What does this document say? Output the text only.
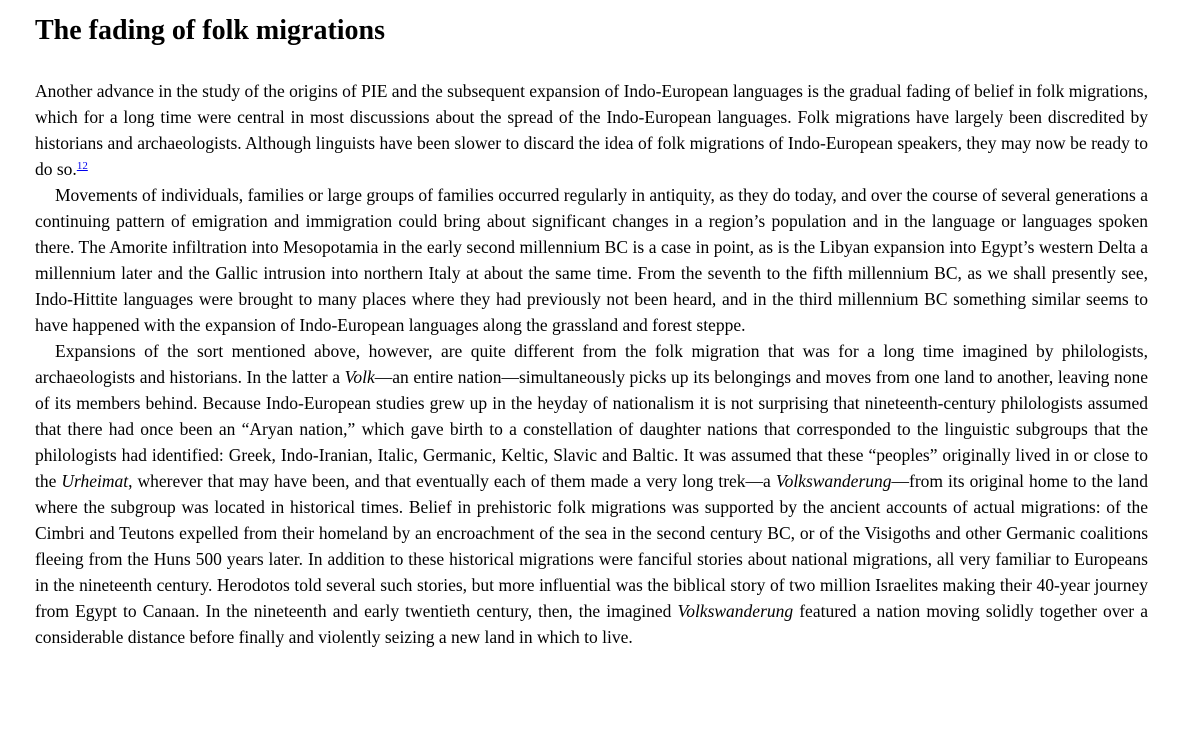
The fading of folk migrations

Another advance in the study of the origins of PIE and the subsequent expansion of Indo-European languages is the gradual fading of belief in folk migrations, which for a long time were central in most discussions about the spread of the Indo-European languages. Folk migrations have largely been discredited by historians and archaeologists. Although linguists have been slower to discard the idea of folk migrations of Indo-European speakers, they may now be ready to do so.$^{12}$

Movements of individuals, families or large groups of families occurred regularly in antiquity, as they do today, and over the course of several generations a continuing pattern of emigration and immigration could bring about significant changes in a region’s population and in the language or languages spoken there. The Amorite infiltration into Mesopotamia in the early second millennium BC is a case in point, as is the Libyan expansion into Egypt’s western Delta a millennium later and the Gallic intrusion into northern Italy at about the same time. From the seventh to the fifth millennium BC, as we shall presently see, Indo-Hittite languages were brought to many places where they had previously not been heard, and in the third millennium BC something similar seems to have happened with the expansion of Indo-European languages along the grassland and forest steppe.

Expansions of the sort mentioned above, however, are quite different from the folk migration that was for a long time imagined by philologists, archaeologists and historians. In the latter a Volk—an entire nation—simultaneously picks up its belongings and moves from one land to another, leaving none of its members behind. Because Indo-European studies grew up in the heyday of nationalism it is not surprising that nineteenth-century philologists assumed that there had once been an “Aryan nation,” which gave birth to a constellation of daughter nations that corresponded to the linguistic subgroups that the philologists had identified: Greek, Indo-Iranian, Italic, Germanic, Keltic, Slavic and Baltic. It was assumed that these “peoples” originally lived in or close to the Urheimat, wherever that may have been, and that eventually each of them made a very long trek—a Volkswanderung—from its original home to the land where the subgroup was located in historical times. Belief in prehistoric folk migrations was supported by the ancient accounts of actual migrations: of the Cimbri and Teutons expelled from their homeland by an encroachment of the sea in the second century BC, or of the Visigoths and other Germanic coalitions fleeing from the Huns 500 years later. In addition to these historical migrations were fanciful stories about national migrations, all very familiar to Europeans in the nineteenth century. Herodotos told several such stories, but more influential was the biblical story of two million Israelites making their 40-year journey from Egypt to Canaan. In the nineteenth and early twentieth century, then, the imagined Volkswanderung featured a nation moving solidly together over a considerable distance before finally and violently seizing a new land in which to live.
